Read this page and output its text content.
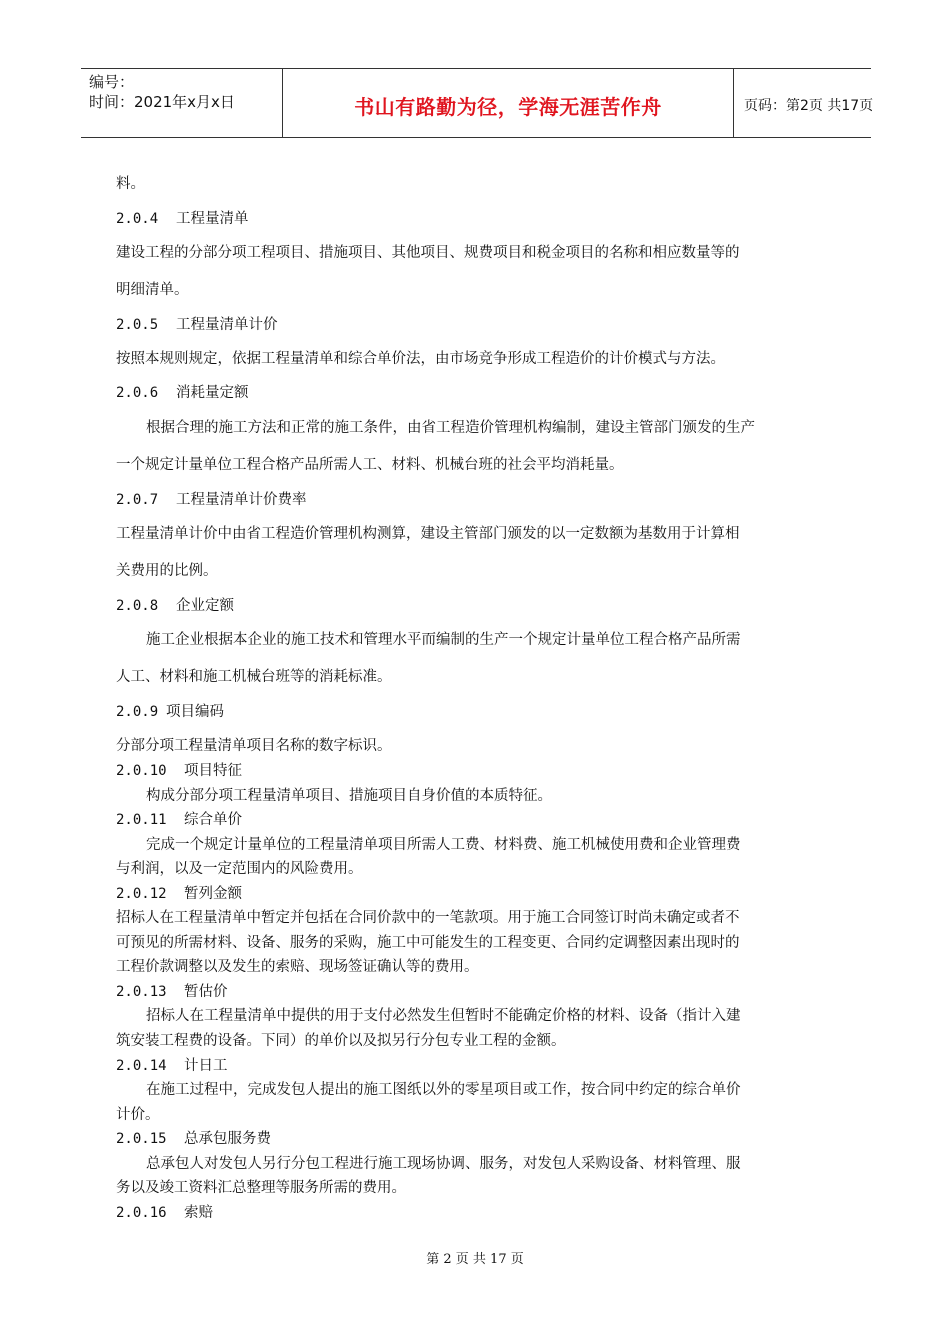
编号：
时间：2021年x月x日	书山有路勤为径，学海无涯苦作舟	页码：第2页 共17页
料。
2.0.4 工程量清单
建设工程的分部分项工程项目、措施项目、其他项目、规费项目和税金项目的名称和相应数量等的
明细清单。
2.0.5 工程量清单计价
按照本规则规定，依据工程量清单和综合单价法，由市场竞争形成工程造价的计价模式与方法。
2.0.6 消耗量定额
根据合理的施工方法和正常的施工条件，由省工程造价管理机构编制，建设主管部门颁发的生产
一个规定计量单位工程合格产品所需人工、材料、机械台班的社会平均消耗量。
2.0.7 工程量清单计价费率
工程量清单计价中由省工程造价管理机构测算，建设主管部门颁发的以一定数额为基数用于计算相
关费用的比例。
2.0.8 企业定额
施工企业根据本企业的施工技术和管理水平而编制的生产一个规定计量单位工程合格产品所需
人工、材料和施工机械台班等的消耗标准。
2.0.9 项目编码
分部分项工程量清单项目名称的数字标识。
2.0.10 项目特征
构成分部分项工程量清单项目、措施项目自身价值的本质特征。
2.0.11 综合单价
完成一个规定计量单位的工程量清单项目所需人工费、材料费、施工机械使用费和企业管理费
与利润，以及一定范围内的风险费用。
2.0.12 暂列金额
招标人在工程量清单中暂定并包括在合同价款中的一笔款项。用于施工合同签订时尚未确定或者不
可预见的所需材料、设备、服务的采购，施工中可能发生的工程变更、合同约定调整因素出现时的
工程价款调整以及发生的索赔、现场签证确认等的费用。
2.0.13 暂估价
招标人在工程量清单中提供的用于支付必然发生但暂时不能确定价格的材料、设备（指计入建
筑安装工程费的设备。下同）的单价以及拟另行分包专业工程的金额。
2.0.14 计日工
在施工过程中，完成发包人提出的施工图纸以外的零星项目或工作，按合同中约定的综合单价
计价。
2.0.15 总承包服务费
总承包人对发包人另行分包工程进行施工现场协调、服务，对发包人采购设备、材料管理、服
务以及竣工资料汇总整理等服务所需的费用。
2.0.16 索赔
第 2 页 共 17 页
